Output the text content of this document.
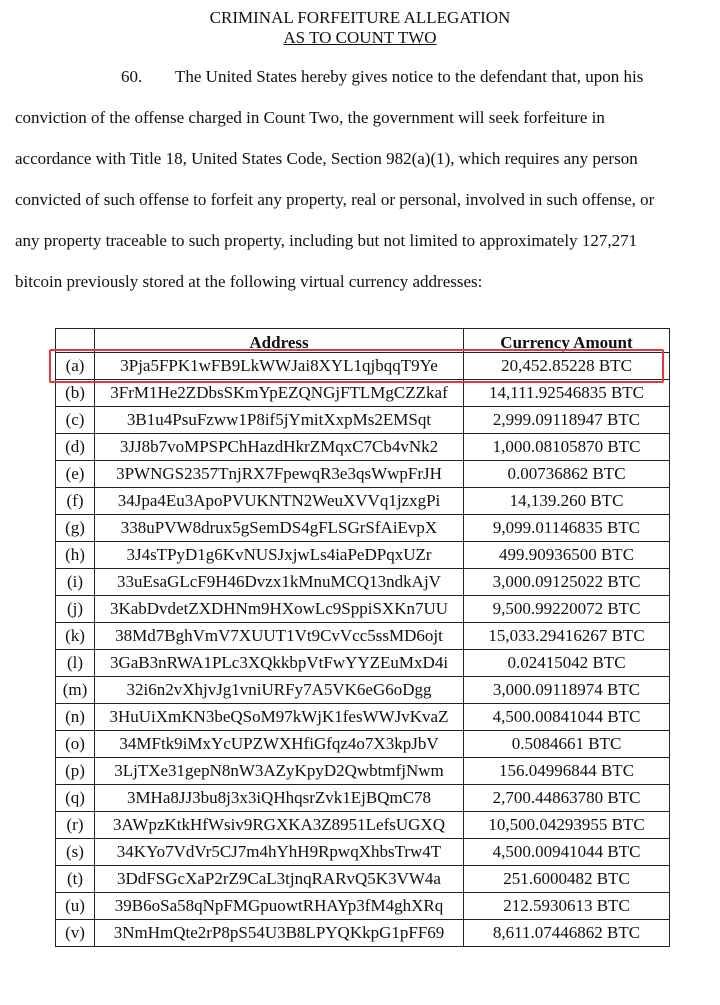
CRIMINAL FORFEITURE ALLEGATION
AS TO COUNT TWO
60. The United States hereby gives notice to the defendant that, upon his
conviction of the offense charged in Count Two, the government will seek forfeiture in
accordance with Title 18, United States Code, Section 982(a)(1), which requires any person
convicted of such offense to forfeit any property, real or personal, involved in such offense, or
any property traceable to such property, including but not limited to approximately 127,271
bitcoin previously stored at the following virtual currency addresses:
	Address	Currency Amount
(a)	3Pja5FPK1wFB9LkWWJai8XYL1qjbqqT9Ye	20,452.85228 BTC
(b)	3FrM1He2ZDbsSKmYpEZQNGjFTLMgCZZkaf	14,111.92546835 BTC
(c)	3B1u4PsuFzww1P8if5jYmitXxpMs2EMSqt	2,999.09118947 BTC
(d)	3JJ8b7voMPSPChHazdHkrZMqxC7Cb4vNk2	1,000.08105870 BTC
(e)	3PWNGS2357TnjRX7FpewqR3e3qsWwpFrJH	0.00736862 BTC
(f)	34Jpa4Eu3ApoPVUKNTN2WeuXVVq1jzxgPi	14,139.260 BTC
(g)	338uPVW8drux5gSemDS4gFLSGrSfAiEvpX	9,099.01146835 BTC
(h)	3J4sTPyD1g6KvNUSJxjwLs4iaPeDPqxUZr	499.90936500 BTC
(i)	33uEsaGLcF9H46Dvzx1kMnuMCQ13ndkAjV	3,000.09125022 BTC
(j)	3KabDvdetZXDHNm9HXowLc9SppiSXKn7UU	9,500.99220072 BTC
(k)	38Md7BghVmV7XUUT1Vt9CvVcc5ssMD6ojt	15,033.29416267 BTC
(l)	3GaB3nRWA1PLc3XQkkbpVtFwYYZEuMxD4i	0.02415042 BTC
(m)	32i6n2vXhjvJg1vniURFy7A5VK6eG6oDgg	3,000.09118974 BTC
(n)	3HuUiXmKN3beQSoM97kWjK1fesWWJvKvaZ	4,500.00841044 BTC
(o)	34MFtk9iMxYcUPZWXHfiGfqz4o7X3kpJbV	0.5084661 BTC
(p)	3LjTXe31gepN8nW3AZyKpyD2QwbtmfjNwm	156.04996844 BTC
(q)	3MHa8JJ3bu8j3x3iQHhqsrZvk1EjBQmC78	2,700.44863780 BTC
(r)	3AWpzKtkHfWsiv9RGXKA3Z8951LefsUGXQ	10,500.04293955 BTC
(s)	34KYo7VdVr5CJ7m4hYhH9RpwqXhbsTrw4T	4,500.00941044 BTC
(t)	3DdFSGcXaP2rZ9CaL3tjnqRARvQ5K3VW4a	251.6000482 BTC
(u)	39B6oSa58qNpFMGpuowtRHAYp3fM4ghXRq	212.5930613 BTC
(v)	3NmHmQte2rP8pS54U3B8LPYQKkpG1pFF69	8,611.07446862 BTC
